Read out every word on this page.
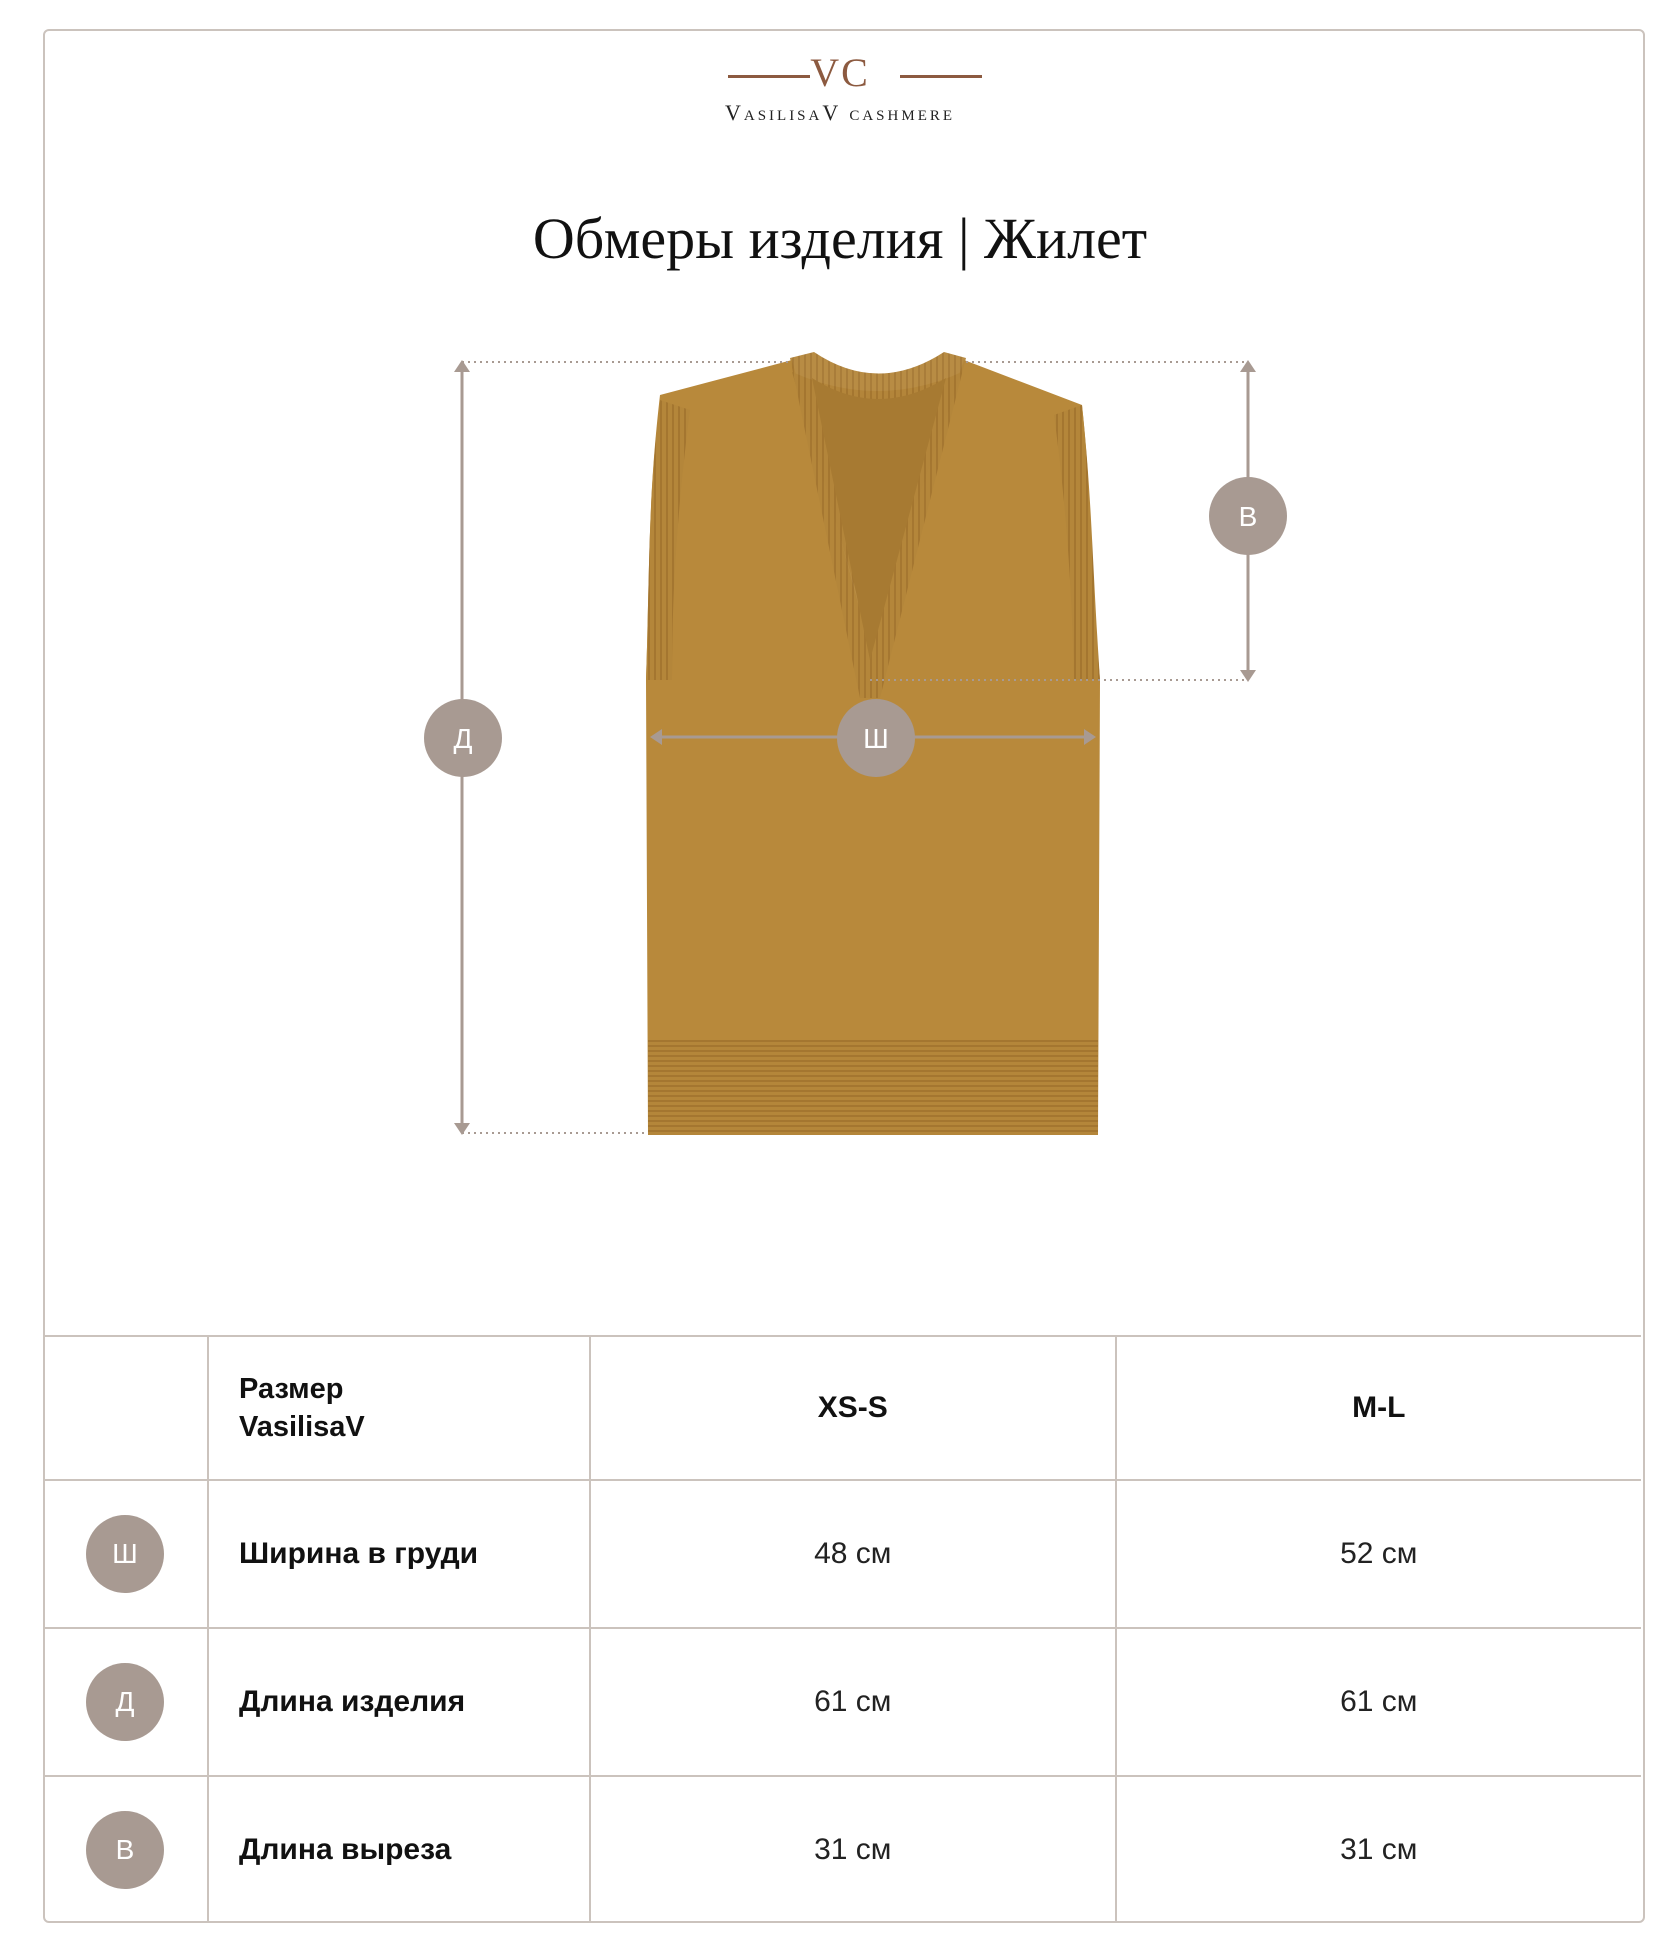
VC
VasilisaV cashmere
Обмеры изделия | Жилет
Д
В
Ш

	Размер
VasilisaV	XS-S	M-L
Ш	Ширина в груди	48 см	52 см
Д	Длина изделия	61 см	61 см
В	Длина выреза	31 см	31 см
